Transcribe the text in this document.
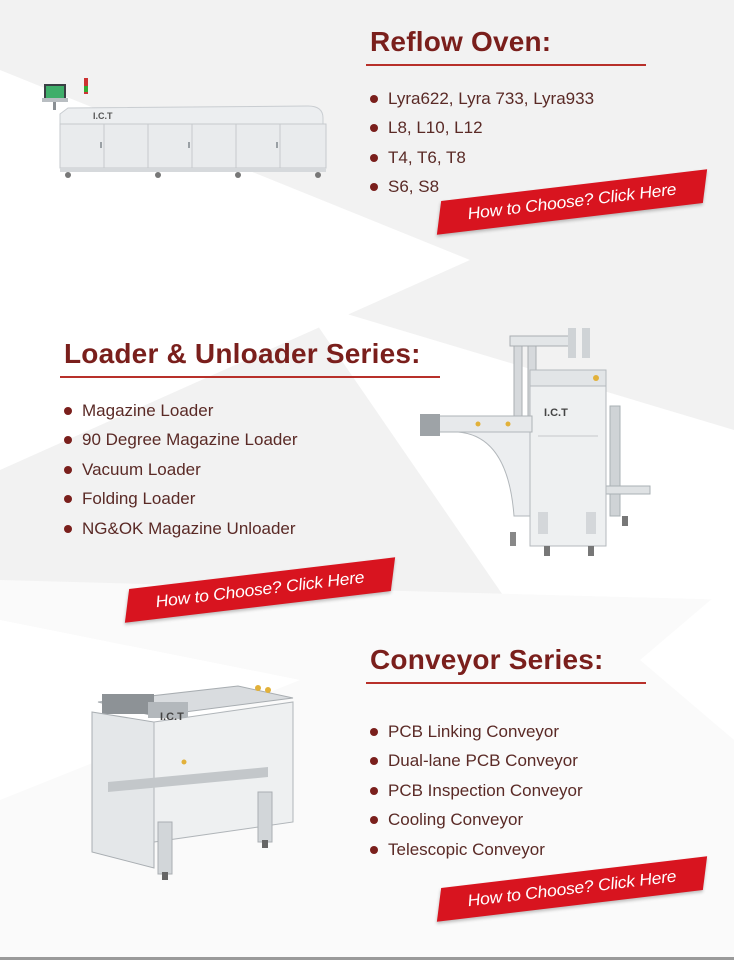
I.C.T
Reflow Oven:
Lyra622, Lyra 733, Lyra933
L8, L10, L12
T4, T6, T8
S6, S8	How to Choose? Click Here
Loader & Unloader Series:
Magazine Loader
90 Degree Magazine Loader
Vacuum Loader
Folding Loader
NG&OK Magazine Unloader
I.C.T
How to Choose? Click Here
I.C.T
Conveyor Series:
PCB Linking Conveyor
Dual-lane PCB Conveyor
PCB Inspection Conveyor
Cooling Conveyor
Telescopic Conveyor
How to Choose? Click Here
